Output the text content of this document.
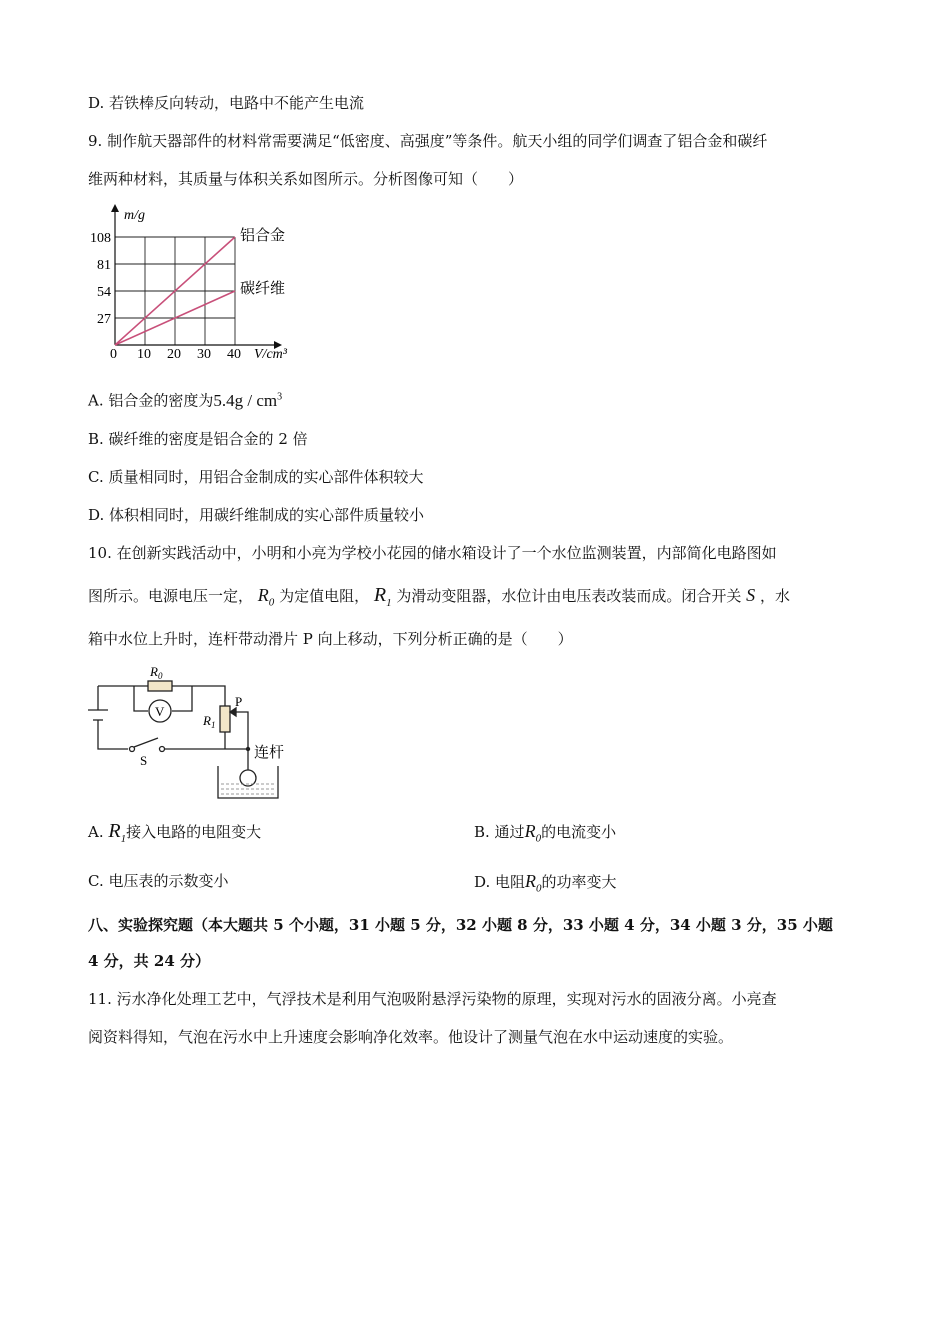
D. 若铁棒反向转动，电路中不能产生电流
9. 制作航天器部件的材料常需要满足“低密度、高强度”等条件。航天小组的同学们调查了铝合金和碳纤
维两种材料，其质量与体积关系如图所示。分析图像可知（　　）
0 10 20 30 40
27
54
81
108
m/g
V/cm³
铝合金
碳纤维
A. 铝合金的密度为$5.4g / cm^3$
B. 碳纤维的密度是铝合金的 2 倍
C. 质量相同时，用铝合金制成的实心部件体积较大
D. 体积相同时，用碳纤维制成的实心部件质量较小
10. 在创新实践活动中，小明和小亮为学校小花园的储水箱设计了一个水位监测装置，内部简化电路图如
图所示。电源电压一定， $R_0$ 为定值电阻， $R_1$ 为滑动变阻器，水位计由电压表改装而成。闭合开关 S ，水
箱中水位上升时，连杆带动滑片 P 向上移动，下列分析正确的是（　　）
$R_0$
V
$R_1$
P
S	连杆
A. $R_1$接入电路的电阻变大	B. 通过$R_0$的电流变小
C. 电压表的示数变小	D. 电阻$R_0$的功率变大
八、实验探究题（本大题共 5 个小题，31 小题 5 分，32 小题 8 分，33 小题 4 分，34 小题 3 分，35 小题
4 分，共 24 分）
11. 污水净化处理工艺中，气浮技术是利用气泡吸附悬浮污染物的原理，实现对污水的固液分离。小亮查
阅资料得知，气泡在污水中上升速度会影响净化效率。他设计了测量气泡在水中运动速度的实验。
